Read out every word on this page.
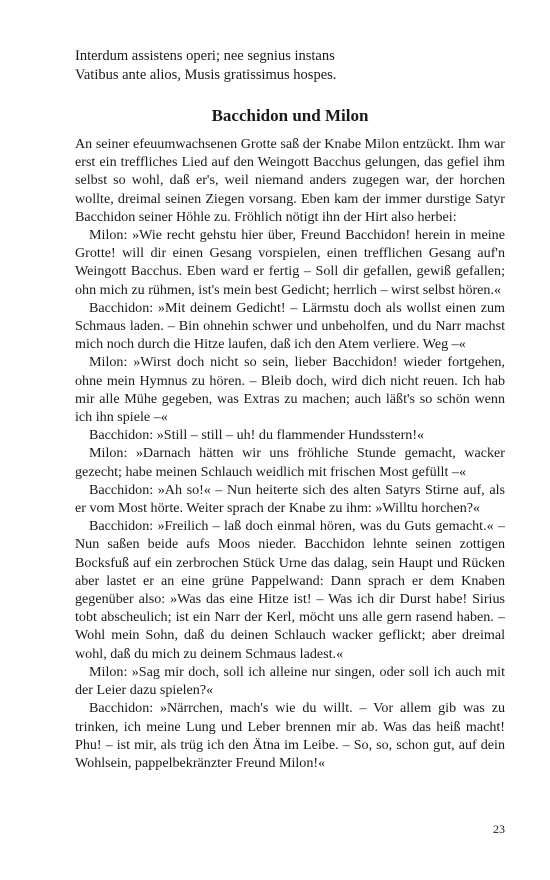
Interdum assistens operi; nee segnius instans
Vatibus ante alios, Musis gratissimus hospes.
Bacchidon und Milon

An seiner efeuumwachsenen Grotte saß der Knabe Milon entzückt. Ihm war erst ein treffliches Lied auf den Weingott Bacchus gelungen, das gefiel ihm selbst so wohl, daß er's, weil niemand anders zugegen war, der horchen wollte, dreimal seinen Ziegen vorsang. Eben kam der immer durstige Satyr Bacchidon seiner Höhle zu. Fröhlich nötigt ihn der Hirt also herbei:

Milon: »Wie recht gehstu hier über, Freund Bacchidon! herein in meine Grotte! will dir einen Gesang vorspielen, einen trefflichen Gesang auf'n Weingott Bacchus. Eben ward er fertig – Soll dir gefallen, gewiß gefallen; ohn mich zu rühmen, ist's mein best Gedicht; herrlich – wirst selbst hören.«

Bacchidon: »Mit deinem Gedicht! – Lärmstu doch als wollst einen zum Schmaus laden. – Bin ohnehin schwer und unbeholfen, und du Narr machst mich noch durch die Hitze laufen, daß ich den Atem verliere. Weg –«

Milon: »Wirst doch nicht so sein, lieber Bacchidon! wieder fortgehen, ohne mein Hymnus zu hören. – Bleib doch, wird dich nicht reuen. Ich hab mir alle Mühe gegeben, was Extras zu machen; auch läßt's so schön wenn ich ihn spiele –«

Bacchidon: »Still – still – uh! du flammender Hundsstern!«

Milon: »Darnach hätten wir uns fröhliche Stunde gemacht, wacker gezecht; habe meinen Schlauch weidlich mit frischen Most gefüllt –«

Bacchidon: »Ah so!« – Nun heiterte sich des alten Satyrs Stirne auf, als er vom Most hörte. Weiter sprach der Knabe zu ihm: »Willtu horchen?«

Bacchidon: »Freilich – laß doch einmal hören, was du Guts gemacht.« – Nun saßen beide aufs Moos nieder. Bacchidon lehnte seinen zottigen Bocksfuß auf ein zerbrochen Stück Urne das dalag, sein Haupt und Rücken aber lastet er an eine grüne Pappelwand: Dann sprach er dem Knaben gegenüber also: »Was das eine Hitze ist! – Was ich dir Durst habe! Sirius tobt abscheulich; ist ein Narr der Kerl, möcht uns alle gern rasend haben. – Wohl mein Sohn, daß du deinen Schlauch wacker geflickt; aber dreimal wohl, daß du mich zu deinem Schmaus ladest.«

Milon: »Sag mir doch, soll ich alleine nur singen, oder soll ich auch mit der Leier dazu spielen?«

Bacchidon: »Närrchen, mach's wie du willt. – Vor allem gib was zu trinken, ich meine Lung und Leber brennen mir ab. Was das heiß macht! Phu! – ist mir, als trüg ich den Ätna im Leibe. – So, so, schon gut, auf dein Wohlsein, pappelbekränzter Freund Milon!«

23
